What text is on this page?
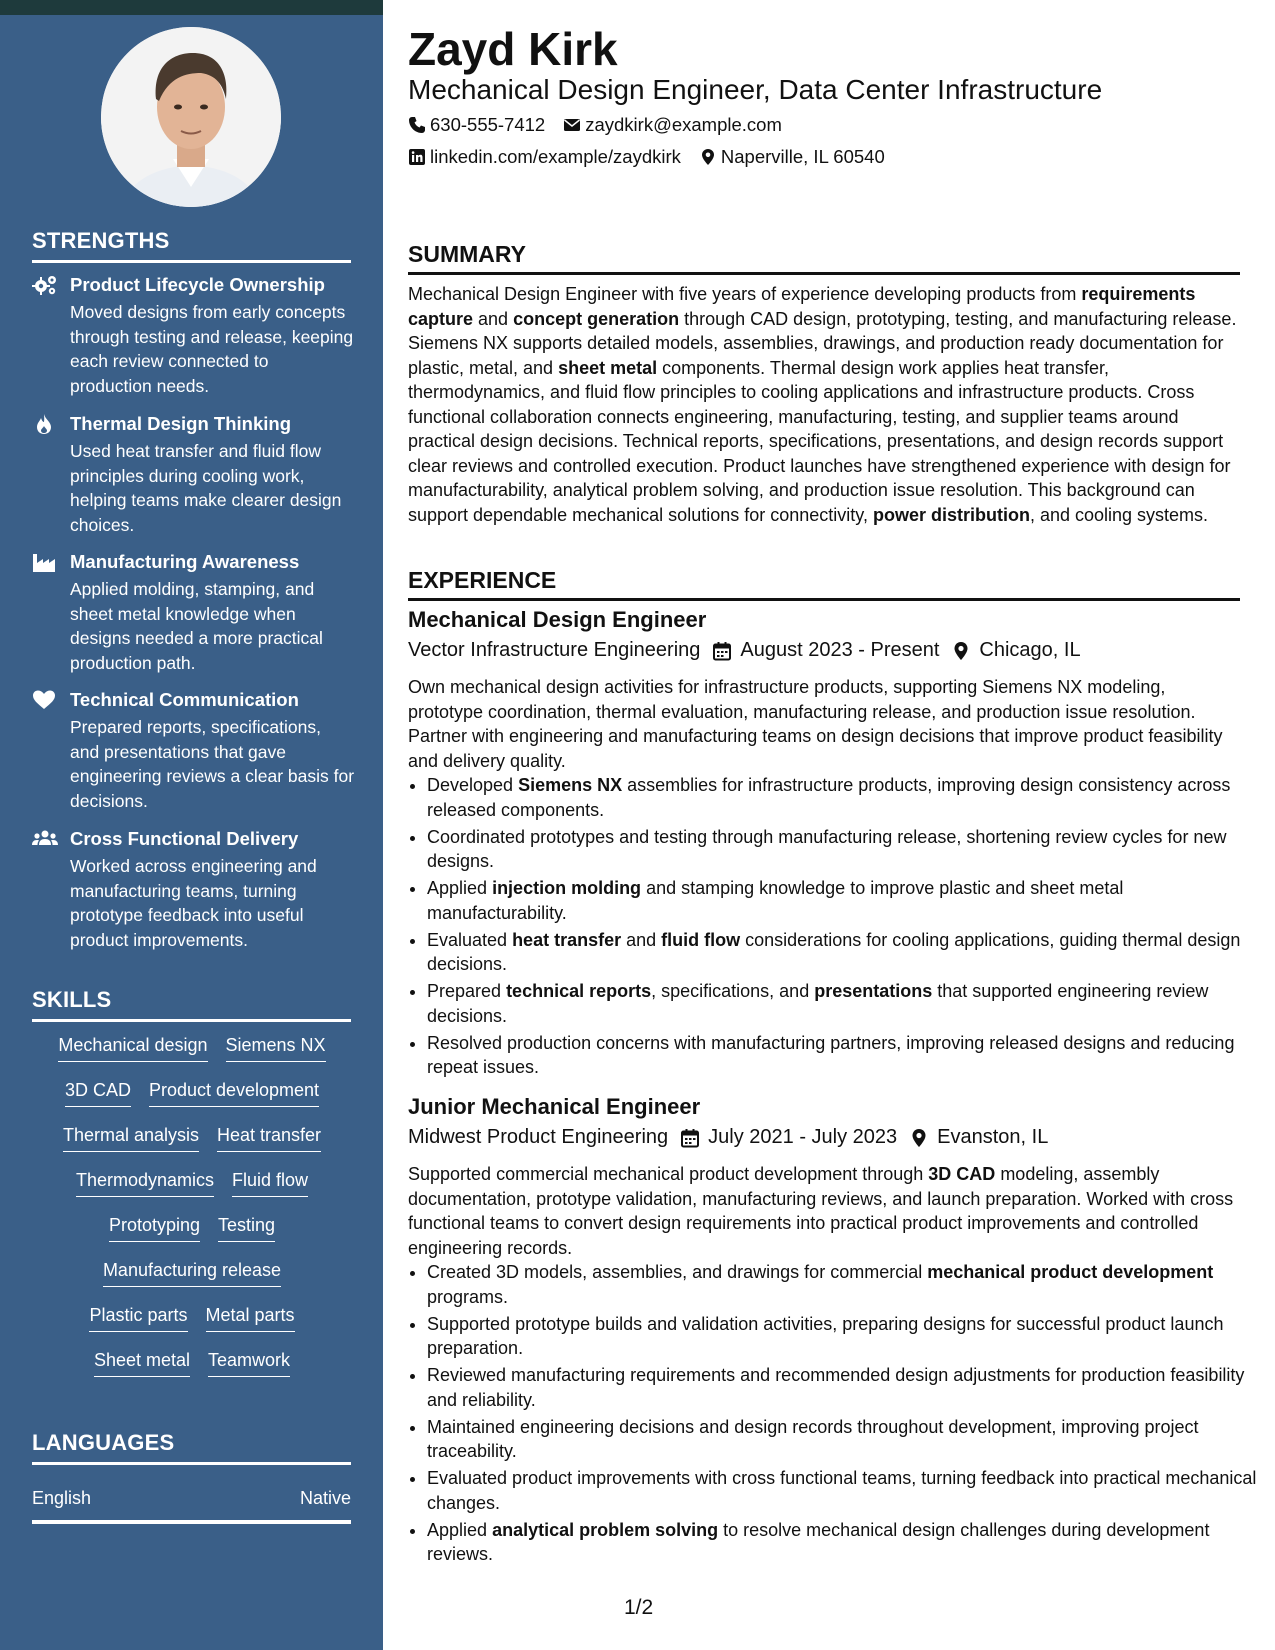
STRENGTHS
Product Lifecycle Ownership
Moved designs from early concepts through testing and release, keeping each review connected to production needs.
Thermal Design Thinking
Used heat transfer and fluid flow principles during cooling work, helping teams make clearer design choices.
Manufacturing Awareness
Applied molding, stamping, and sheet metal knowledge when designs needed a more practical production path.
Technical Communication
Prepared reports, specifications, and presentations that gave engineering reviews a clear basis for decisions.
Cross Functional Delivery
Worked across engineering and manufacturing teams, turning prototype feedback into useful product improvements.
SKILLS
Mechanical design Siemens NX
3D CAD Product development
Thermal analysis Heat transfer
Thermodynamics Fluid flow
Prototyping Testing
Manufacturing release
Plastic parts Metal parts
Sheet metal Teamwork
LANGUAGES
English	Native
Zayd Kirk
Mechanical Design Engineer, Data Center Infrastructure
630-555-7412 zaydkirk@example.com
linkedin.com/example/zaydkirk Naperville, IL 60540
SUMMARY
Mechanical Design Engineer with five years of experience developing products from requirements capture and concept generation through CAD design, prototyping, testing, and manufacturing release. Siemens NX supports detailed models, assemblies, drawings, and production ready documentation for plastic, metal, and sheet metal components. Thermal design work applies heat transfer, thermodynamics, and fluid flow principles to cooling applications and infrastructure products. Cross functional collaboration connects engineering, manufacturing, testing, and supplier teams around practical design decisions. Technical reports, specifications, presentations, and design records support clear reviews and controlled execution. Product launches have strengthened experience with design for manufacturability, analytical problem solving, and production issue resolution. This background can support dependable mechanical solutions for connectivity, power distribution, and cooling systems.
EXPERIENCE
Mechanical Design Engineer
Vector Infrastructure Engineering August 2023 - Present Chicago, IL
Own mechanical design activities for infrastructure products, supporting Siemens NX modeling, prototype coordination, thermal evaluation, manufacturing release, and production issue resolution. Partner with engineering and manufacturing teams on design decisions that improve product feasibility and delivery quality.
• Developed Siemens NX assemblies for infrastructure products, improving design consistency across released components.
• Coordinated prototypes and testing through manufacturing release, shortening review cycles for new designs.
• Applied injection molding and stamping knowledge to improve plastic and sheet metal manufacturability.
• Evaluated heat transfer and fluid flow considerations for cooling applications, guiding thermal design decisions.
• Prepared technical reports, specifications, and presentations that supported engineering review decisions.
• Resolved production concerns with manufacturing partners, improving released designs and reducing repeat issues.
Junior Mechanical Engineer
Midwest Product Engineering July 2021 - July 2023 Evanston, IL
Supported commercial mechanical product development through 3D CAD modeling, assembly documentation, prototype validation, manufacturing reviews, and launch preparation. Worked with cross functional teams to convert design requirements into practical product improvements and controlled engineering records.
• Created 3D models, assemblies, and drawings for commercial mechanical product development programs.
• Supported prototype builds and validation activities, preparing designs for successful product launch preparation.
• Reviewed manufacturing requirements and recommended design adjustments for production feasibility and reliability.
• Maintained engineering decisions and design records throughout development, improving project traceability.
• Evaluated product improvements with cross functional teams, turning feedback into practical mechanical changes.
• Applied analytical problem solving to resolve mechanical design challenges during development reviews.
1/2
